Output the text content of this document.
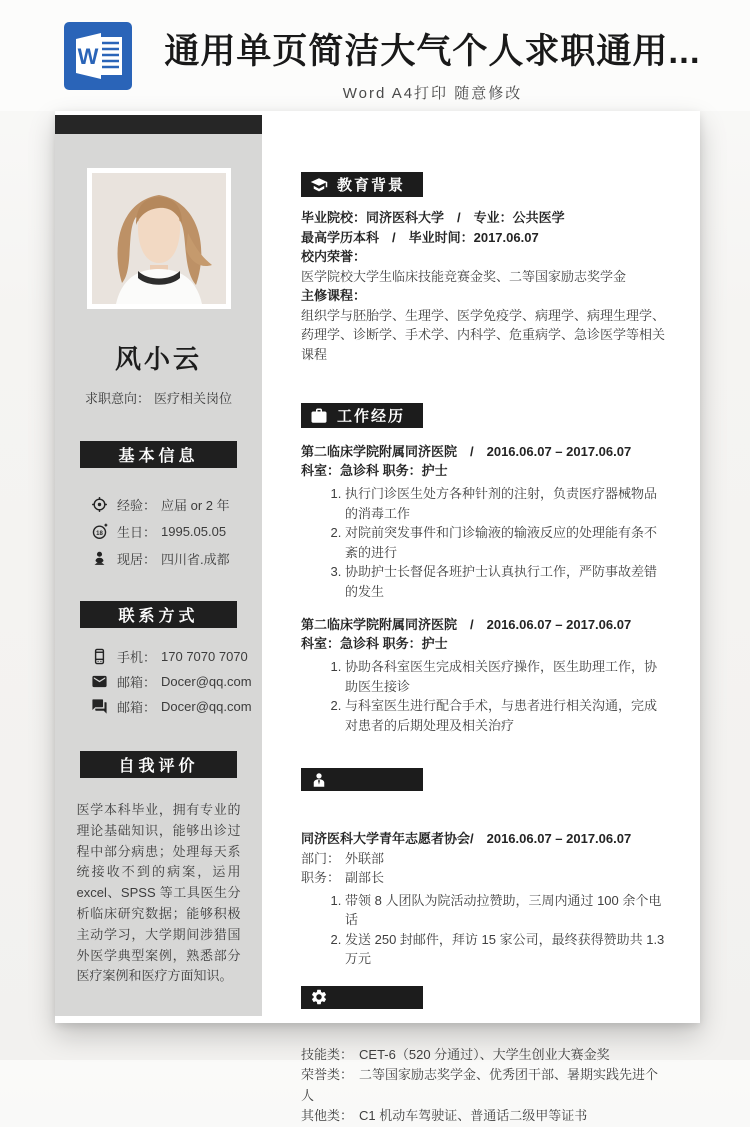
W	通用单页简洁大气个人求职通用...
Word A4打印 随意修改
风小云
求职意向： 医疗相关岗位
基本信息
经验： 应届 or 2 年
18 生日： 1995.05.05
现居： 四川省.成都
联系方式
手机： 170 7070 7070
邮箱： Docer@qq.com
邮箱： Docer@qq.com
自我评价
医学本科毕业，拥有专业的理论基础知识，能够出诊过程中部分病患；处理每天系统接收不到的病案，运用 excel、SPSS 等工具医生分析临床研究数据；能够积极主动学习，大学期间涉猎国外医学典型案例，熟悉部分医疗案例和医疗方面知识。
教育背景
毕业院校：同济医科大学　/　专业：公共医学
最高学历本科　/　毕业时间：2017.06.07
校内荣誉：
医学院校大学生临床技能竞赛金奖、二等国家励志奖学金
主修课程：
组织学与胚胎学、生理学、医学免疫学、病理学、病理生理学、药理学、诊断学、手术学、内科学、危重病学、急诊医学等相关课程
工作经历
第二临床学院附属同济医院　/　2016.06.07 – 2017.06.07
科室：急诊科 职务：护士
1. 执行门诊医生处方各种针剂的注射，负责医疗器械物品的消毒工作
2. 对院前突发事件和门诊输液的输液反应的处理能有条不紊的进行
3. 协助护士长督促各班护士认真执行工作，严防事故差错的发生
第二临床学院附属同济医院　/　2016.06.07 – 2017.06.07
科室：急诊科 职务：护士
1. 协助各科室医生完成相关医疗操作，医生助理工作，协助医生接诊
2. 与科室医生进行配合手术，与患者进行相关沟通，完成对患者的后期处理及相关治疗
同济医科大学青年志愿者协会/　2016.06.07 – 2017.06.07
部门： 外联部
职务： 副部长
1. 带领 8 人团队为院活动拉赞助，三周内通过 100 余个电话
2. 发送 250 封邮件，拜访 15 家公司，最终获得赞助共 1.3 万元
技能类： CET-6（520 分通过）、大学生创业大赛金奖
荣誉类： 二等国家励志奖学金、优秀团干部、暑期实践先进个人
其他类： C1 机动车驾驶证、普通话二级甲等证书
